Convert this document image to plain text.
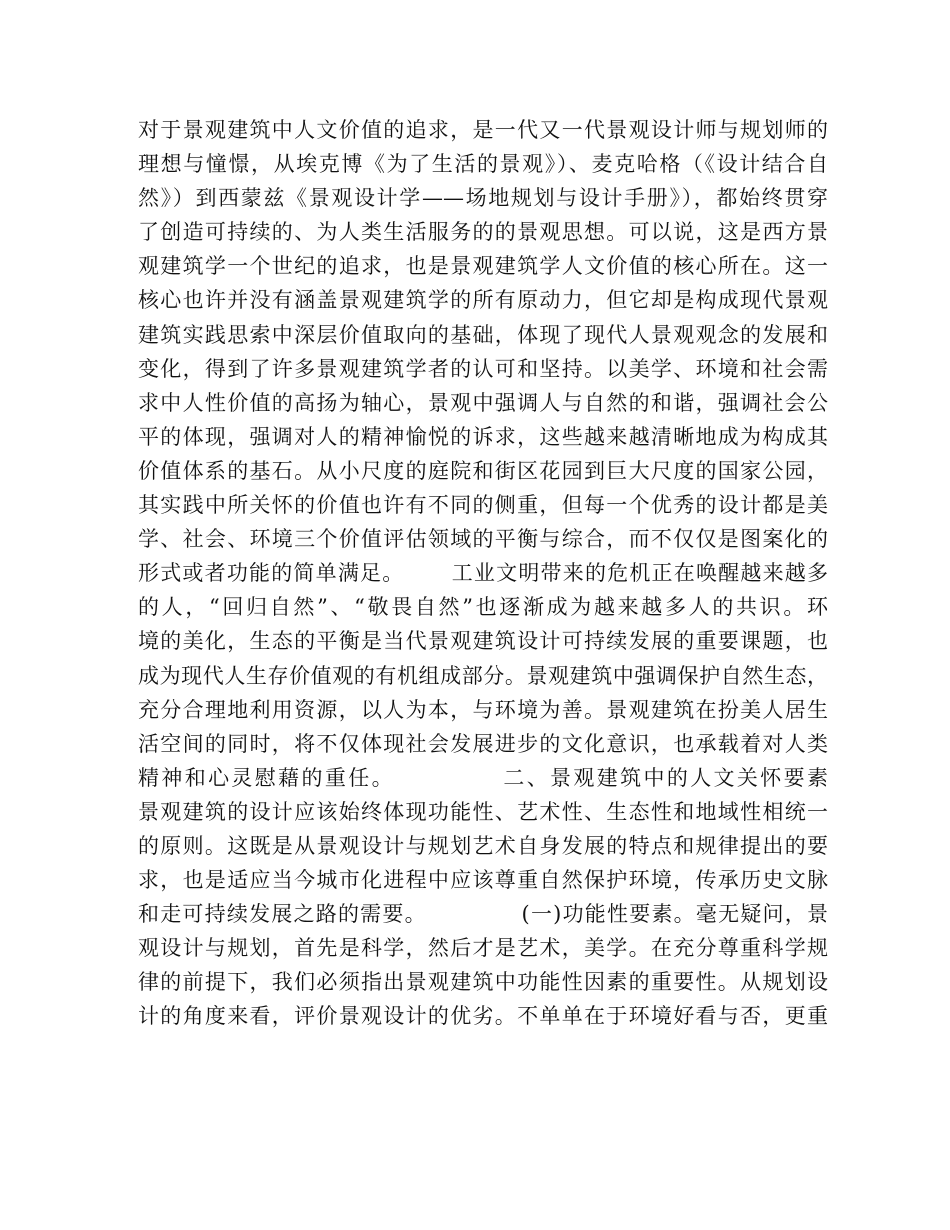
对于景观建筑中人文价值的追求，是一代又一代景观设计师与规划师的
理想与憧憬，从埃克博《为了生活的景观》）、麦克哈格（《设计结合自
然》）到西蒙兹《景观设计学——场地规划与设计手册》），都始终贯穿
了创造可持续的、为人类生活服务的的景观思想。可以说，这是西方景
观建筑学一个世纪的追求，也是景观建筑学人文价值的核心所在。这一
核心也许并没有涵盖景观建筑学的所有原动力，但它却是构成现代景观
建筑实践思索中深层价值取向的基础，体现了现代人景观观念的发展和
变化，得到了许多景观建筑学者的认可和坚持。以美学、环境和社会需
求中人性价值的高扬为轴心，景观中强调人与自然的和谐，强调社会公
平的体现，强调对人的精神愉悦的诉求，这些越来越清晰地成为构成其
价值体系的基石。从小尺度的庭院和街区花园到巨大尺度的国家公园，
其实践中所关怀的价值也许有不同的侧重，但每一个优秀的设计都是美
学、社会、环境三个价值评估领域的平衡与综合，而不仅仅是图案化的
形式或者功能的简单满足。      工业文明带来的危机正在唤醒越来越多
的人，“回归自然”、“敬畏自然”也逐渐成为越来越多人的共识。环
境的美化，生态的平衡是当代景观建筑设计可持续发展的重要课题，也
成为现代人生存价值观的有机组成部分。景观建筑中强调保护自然生态，
充分合理地利用资源，以人为本，与环境为善。景观建筑在扮美人居生
活空间的同时，将不仅体现社会发展进步的文化意识，也承载着对人类
精神和心灵慰藉的重任。            二、景观建筑中的人文关怀要素
景观建筑的设计应该始终体现功能性、艺术性、生态性和地域性相统一
的原则。这既是从景观设计与规划艺术自身发展的特点和规律提出的要
求，也是适应当今城市化进程中应该尊重自然保护环境，传承历史文脉
和走可持续发展之路的需要。            (一)功能性要素。毫无疑问，景
观设计与规划，首先是科学，然后才是艺术，美学。在充分尊重科学规
律的前提下，我们必须指出景观建筑中功能性因素的重要性。从规划设
计的角度来看，评价景观设计的优劣。不单单在于环境好看与否，更重
